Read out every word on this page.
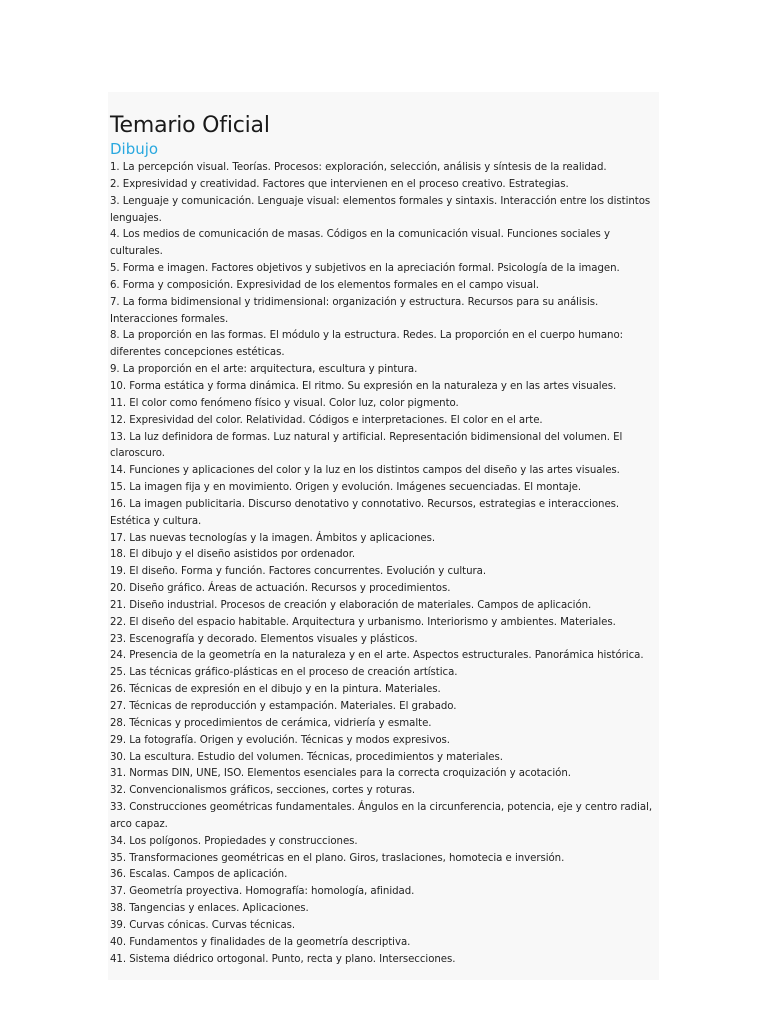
Temario Oficial
Dibujo
1. La percepción visual. Teorías. Procesos: exploración, selección, análisis y síntesis de la realidad.
2. Expresividad y creatividad. Factores que intervienen en el proceso creativo. Estrategias.
3. Lenguaje y comunicación. Lenguaje visual: elementos formales y sintaxis. Interacción entre los distintos lenguajes.
4. Los medios de comunicación de masas. Códigos en la comunicación visual. Funciones sociales y culturales.
5. Forma e imagen. Factores objetivos y subjetivos en la apreciación formal. Psicología de la imagen.
6. Forma y composición. Expresividad de los elementos formales en el campo visual.
7. La forma bidimensional y tridimensional: organización y estructura. Recursos para su análisis. Interacciones formales.
8. La proporción en las formas. El módulo y la estructura. Redes. La proporción en el cuerpo humano: diferentes concepciones estéticas.
9. La proporción en el arte: arquitectura, escultura y pintura.
10. Forma estática y forma dinámica. El ritmo. Su expresión en la naturaleza y en las artes visuales.
11. El color como fenómeno físico y visual. Color luz, color pigmento.
12. Expresividad del color. Relatividad. Códigos e interpretaciones. El color en el arte.
13. La luz definidora de formas. Luz natural y artificial. Representación bidimensional del volumen. El claroscuro.
14. Funciones y aplicaciones del color y la luz en los distintos campos del diseño y las artes visuales.
15. La imagen fija y en movimiento. Origen y evolución. Imágenes secuenciadas. El montaje.
16. La imagen publicitaria. Discurso denotativo y connotativo. Recursos, estrategias e interacciones. Estética y cultura.
17. Las nuevas tecnologías y la imagen. Ámbitos y aplicaciones.
18. El dibujo y el diseño asistidos por ordenador.
19. El diseño. Forma y función. Factores concurrentes. Evolución y cultura.
20. Diseño gráfico. Áreas de actuación. Recursos y procedimientos.
21. Diseño industrial. Procesos de creación y elaboración de materiales. Campos de aplicación.
22. El diseño del espacio habitable. Arquitectura y urbanismo. Interiorismo y ambientes. Materiales.
23. Escenografía y decorado. Elementos visuales y plásticos.
24. Presencia de la geometría en la naturaleza y en el arte. Aspectos estructurales. Panorámica histórica.
25. Las técnicas gráfico-plásticas en el proceso de creación artística.
26. Técnicas de expresión en el dibujo y en la pintura. Materiales.
27. Técnicas de reproducción y estampación. Materiales. El grabado.
28. Técnicas y procedimientos de cerámica, vidriería y esmalte.
29. La fotografía. Origen y evolución. Técnicas y modos expresivos.
30. La escultura. Estudio del volumen. Técnicas, procedimientos y materiales.
31. Normas DIN, UNE, ISO. Elementos esenciales para la correcta croquización y acotación.
32. Convencionalismos gráficos, secciones, cortes y roturas.
33. Construcciones geométricas fundamentales. Ángulos en la circunferencia, potencia, eje y centro radial, arco capaz.
34. Los polígonos. Propiedades y construcciones.
35. Transformaciones geométricas en el plano. Giros, traslaciones, homotecia e inversión.
36. Escalas. Campos de aplicación.
37. Geometría proyectiva. Homografía: homología, afinidad.
38. Tangencias y enlaces. Aplicaciones.
39. Curvas cónicas. Curvas técnicas.
40. Fundamentos y finalidades de la geometría descriptiva.
41. Sistema diédrico ortogonal. Punto, recta y plano. Intersecciones.
